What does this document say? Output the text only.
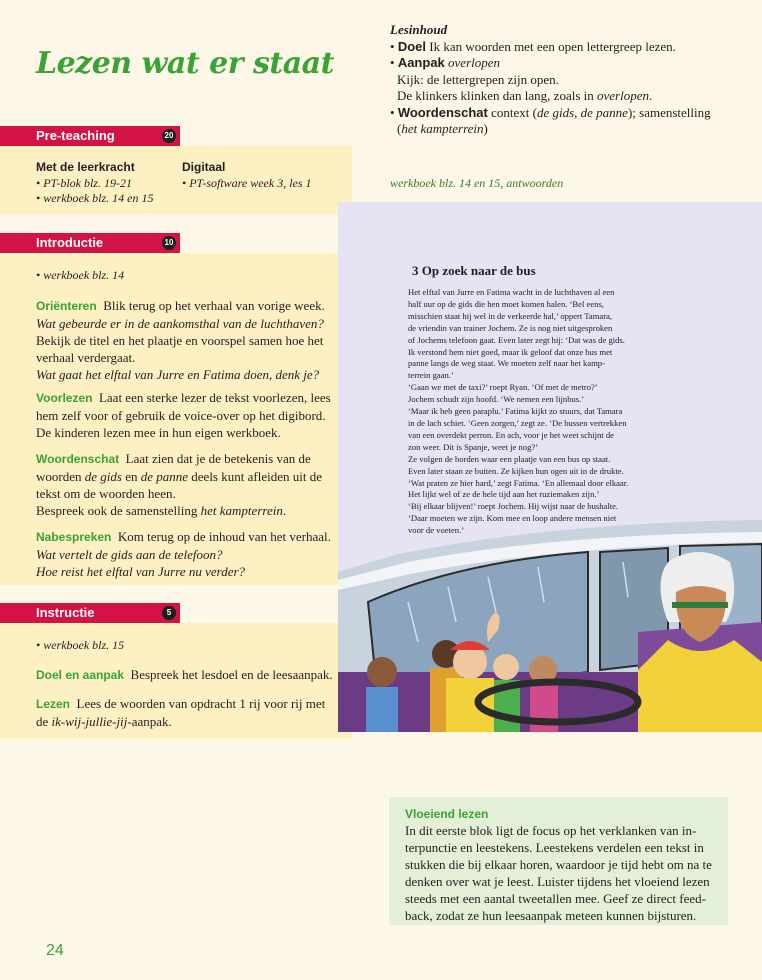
Lezen wat er staat
Lesinhoud
• Doel Ik kan woorden met een open lettergreep lezen.
• Aanpak overlopen
Kijk: de lettergrepen zijn open.
De klinkers klinken dan lang, zoals in overlopen.
• Woordenschat context (de gids, de panne); samenstelling
(het kampterrein)
werkboek blz. 14 en 15, antwoorden
Pre-teaching	20
Met de leerkracht
• PT-blok blz. 19-21
• werkboek blz. 14 en 15
Digitaal
• PT-software week 3, les 1
Introductie	10
• werkboek blz. 14
Oriënteren Blik terug op het verhaal van vorige week.
Wat gebeurde er in de aankomsthal van de luchthaven?
Bekijk de titel en het plaatje en voorspel samen hoe het
verhaal verdergaat.
Wat gaat het elftal van Jurre en Fatima doen, denk je?
Voorlezen Laat een sterke lezer de tekst voorlezen, lees
hem zelf voor of gebruik de voice-over op het digibord.
De kinderen lezen mee in hun eigen werkboek.
Woordenschat Laat zien dat je de betekenis van de
woorden de gids en de panne deels kunt afleiden uit de
tekst om de woorden heen.
Bespreek ook de samenstelling het kampterrein.
Nabespreken Kom terug op de inhoud van het verhaal.
Wat vertelt de gids aan de telefoon?
Hoe reist het elftal van Jurre nu verder?
Instructie	5
• werkboek blz. 15
Doel en aanpak Bespreek het lesdoel en de leesaanpak.
Lezen Lees de woorden van opdracht 1 rij voor rij met
de ik-wij-jullie-jij-aanpak.
3 Op zoek naar de bus
Het elftal van Jurre en Fatima wacht in de luchthaven al een
half uur op de gids die hen moet komen halen. ‘Bel eens,
misschien staat hij wel in de verkeerde hal,’ oppert Tamara,
de vriendin van trainer Jochem. Ze is nog niet uitgesproken
of Jochems telefoon gaat. Even later zegt hij: ‘Dat was de gids.
Ik verstond hem niet goed, maar ik geloof dat onze bus met
panne langs de weg staat. We moeten zelf naar het kamp-
terrein gaan.’
‘Gaan we met de taxi?’ roept Ryan. ‘Of met de metro?’
Jochem schudt zijn hoofd. ‘We nemen een lijnbus.’
‘Maar ik heb geen paraplu.’ Fatima kijkt zo stuurs, dat Tamara
in de lach schiet. ‘Geen zorgen,’ zegt ze. ‘De bussen vertrekken
van een overdekt perron. En ach, voor je het weet schijnt de
zon weer. Dit is Spanje, weet je nog?’
Ze volgen de borden waar een plaatje van een bus op staat.
Even later staan ze buiten. Ze kijken hun ogen uit in de drukte.
‘Wat praten ze hier hard,’ zegt Fatima. ‘En allemaal door elkaar.
Het lijkt wel of ze de hele tijd aan het ruziemaken zijn.’
‘Bij elkaar blijven!’ roept Jochem. Hij wijst naar de bushalte.
‘Daar moeten we zijn. Kom mee en loop andere mensen niet
voor de voeten.’
Vloeiend lezen
In dit eerste blok ligt de focus op het verklanken van in-
terpunctie en leestekens. Leestekens verdelen een tekst in
stukken die bij elkaar horen, waardoor je tijd hebt om na te
denken over wat je leest. Luister tijdens het vloeiend lezen
steeds met een aantal tweetallen mee. Geef ze direct feed-
back, zodat ze hun leesaanpak meteen kunnen bijsturen.
24
